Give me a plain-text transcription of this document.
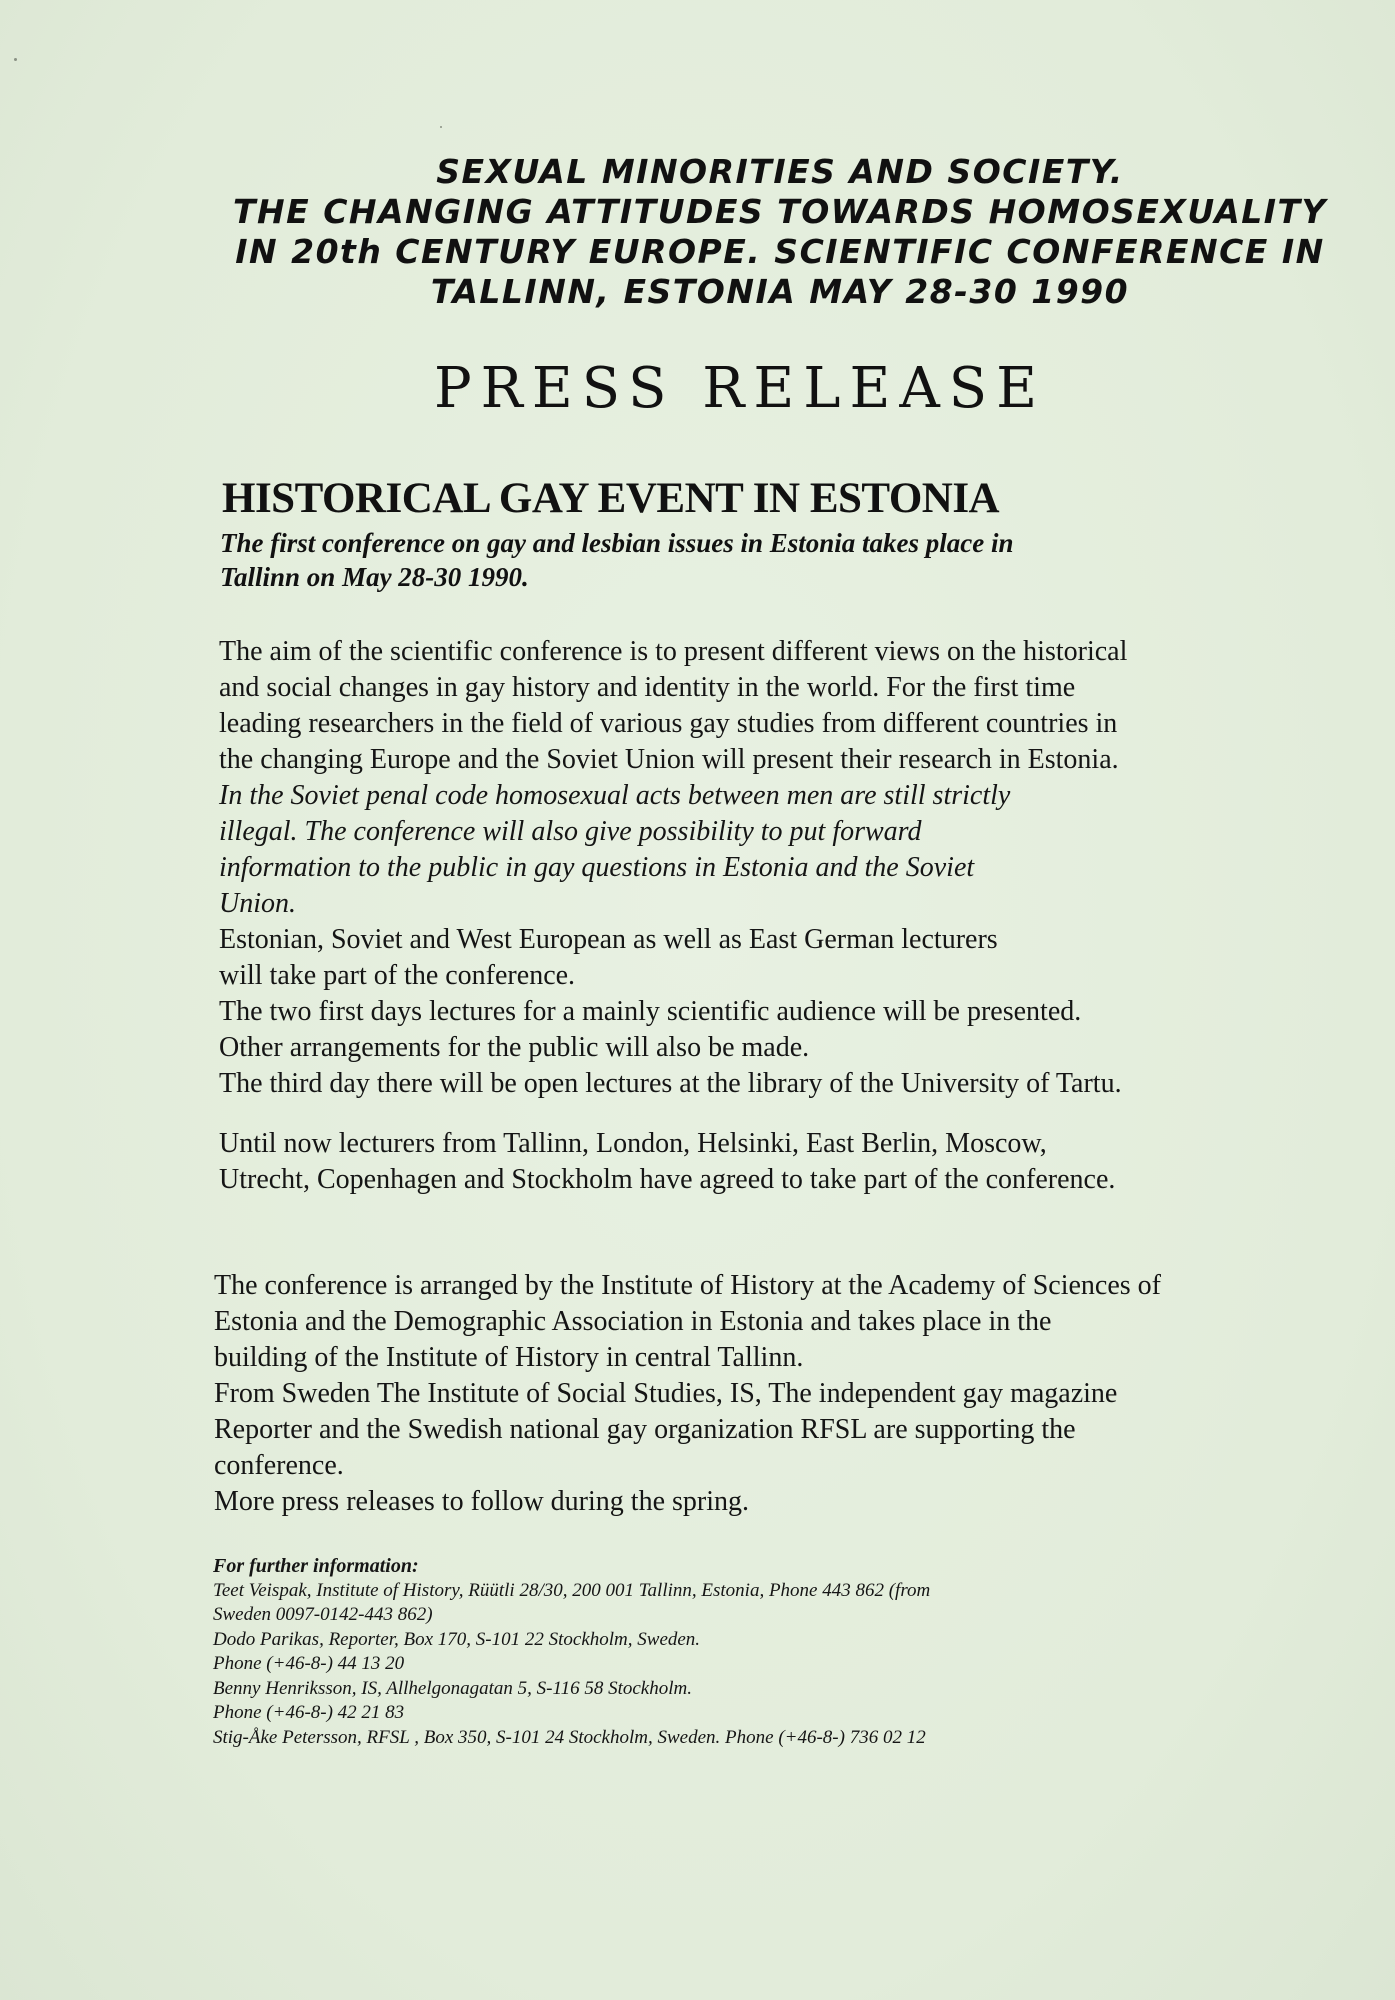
SEXUAL MINORITIES AND SOCIETY.
THE CHANGING ATTITUDES TOWARDS HOMOSEXUALITY
IN 20th CENTURY EUROPE. SCIENTIFIC CONFERENCE IN
TALLINN, ESTONIA MAY 28-30 1990
PRESS RELEASE
HISTORICAL GAY EVENT IN ESTONIA
The first conference on gay and lesbian issues in Estonia takes place in
Tallinn on May 28-30 1990.
The aim of the scientific conference is to present different views on the historical
and social changes in gay history and identity in the world. For the first time
leading researchers in the field of various gay studies from different countries in
the changing Europe and the Soviet Union will present their research in Estonia.
In the Soviet penal code homosexual acts between men are still strictly
illegal. The conference will also give possibility to put forward
information to the public in gay questions in Estonia and the Soviet
Union.
Estonian, Soviet and West European as well as East German lecturers
will take part of the conference.
The two first days lectures for a mainly scientific audience will be presented.
Other arrangements for the public will also be made.
The third day there will be open lectures at the library of the University of Tartu.
Until now lecturers from Tallinn, London, Helsinki, East Berlin, Moscow,
Utrecht, Copenhagen and Stockholm have agreed to take part of the conference.
The conference is arranged by the Institute of History at the Academy of Sciences of
Estonia and the Demographic Association in Estonia and takes place in the
building of the Institute of History in central Tallinn.
From Sweden The Institute of Social Studies, IS, The independent gay magazine
Reporter and the Swedish national gay organization RFSL are supporting the
conference.
More press releases to follow during the spring.
For further information:
Teet Veispak, Institute of History, Rüütli 28/30, 200 001 Tallinn, Estonia, Phone 443 862 (from
Sweden 0097-0142-443 862)
Dodo Parikas, Reporter, Box 170, S-101 22 Stockholm, Sweden.
Phone (+46-8-) 44 13 20
Benny Henriksson, IS, Allhelgonagatan 5, S-116 58 Stockholm.
Phone (+46-8-) 42 21 83
Stig-Åke Petersson, RFSL , Box 350, S-101 24 Stockholm, Sweden. Phone (+46-8-) 736 02 12
